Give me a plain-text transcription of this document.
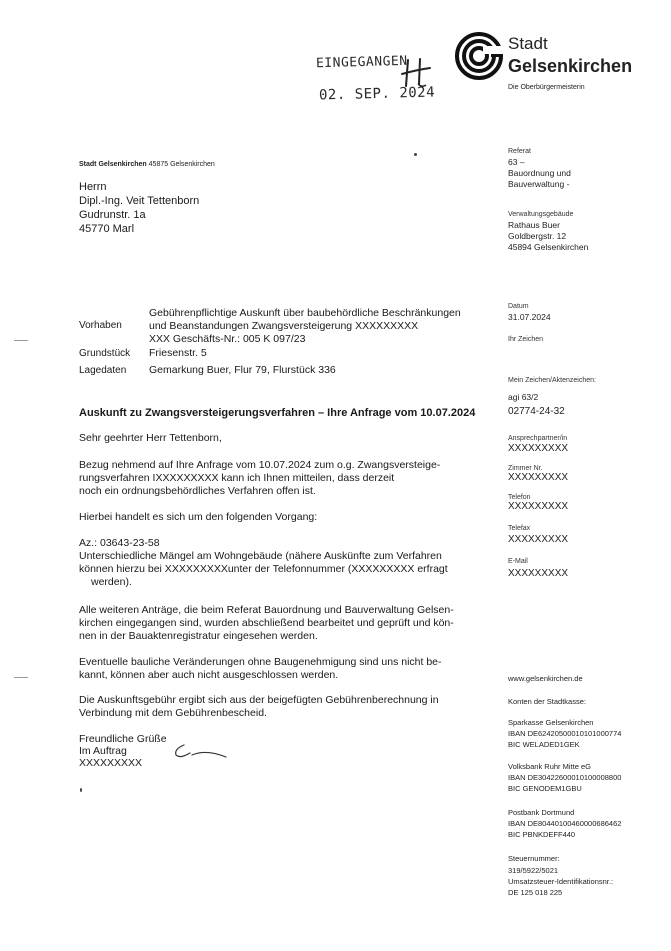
EINGEGANGEN
02. SEP. 2024
Stadt
Gelsenkirchen
Die Oberbürgermeisterin
Stadt Gelsenkirchen 45875 Gelsenkirchen
Herrn
Dipl.-Ing. Veit Tettenborn
Gudrunstr. 1a
45770 Marl
Referat
63 –
Bauordnung und
Bauverwaltung -
Verwaltungsgebäude
Rathaus Buer
Goldbergstr. 12
45894 Gelsenkirchen
Datum
31.07.2024
Ihr Zeichen
Mein Zeichen/Aktenzeichen:
agi 63/2
02774-24-32
Ansprechpartner/in
XXXXXXXXX
Zimmer Nr.
XXXXXXXXX
Telefon
XXXXXXXXX
Telefax
XXXXXXXXX
E-Mail
XXXXXXXXX
Gebührenpflichtige Auskunft über baubehördliche Beschränkungen
Vorhaben	und Beanstandungen Zwangsversteigerung XXXXXXXXX
XXX Geschäfts-Nr.: 005 K 097/23
Grundstück Friesenstr. 5
Lagedaten Gemarkung Buer, Flur 79, Flurstück 336
Auskunft zu Zwangsversteigerungsverfahren – Ihre Anfrage vom 10.07.2024
Sehr geehrter Herr Tettenborn,
Bezug nehmend auf Ihre Anfrage vom 10.07.2024 zum o.g. Zwangsversteige-
rungsverfahren IXXXXXXXXX kann ich Ihnen mitteilen, dass derzeit
noch ein ordnungsbehördliches Verfahren offen ist.
Hierbei handelt es sich um den folgenden Vorgang:
Az.: 03643-23-58
Unterschiedliche Mängel am Wohngebäude (nähere Auskünfte zum Verfahren
können hierzu bei XXXXXXXXXunter der Telefonnummer (XXXXXXXXX erfragt
werden).
Alle weiteren Anträge, die beim Referat Bauordnung und Bauverwaltung Gelsen-
kirchen eingegangen sind, wurden abschließend bearbeitet und geprüft und kön-
nen in der Bauaktenregistratur eingesehen werden.
Eventuelle bauliche Veränderungen ohne Baugenehmigung sind uns nicht be-
kannt, können aber auch nicht ausgeschlossen werden.
Die Auskunftsgebühr ergibt sich aus der beigefügten Gebührenberechnung in
Verbindung mit dem Gebührenbescheid.
Freundliche Grüße
Im Auftrag
XXXXXXXXX
www.gelsenkirchen.de
Konten der Stadtkasse:
Sparkasse Gelsenkirchen
IBAN DE62420500010101000774
BIC WELADED1GEK
Volksbank Ruhr Mitte eG
IBAN DE30422600010100008800
BIC GENODEM1GBU
Postbank Dortmund
IBAN DE80440100460000686462
BIC PBNKDEFF440
Steuernummer:
319/5922/5021
Umsatzsteuer-Identifikationsnr.:
DE 125 018 225
